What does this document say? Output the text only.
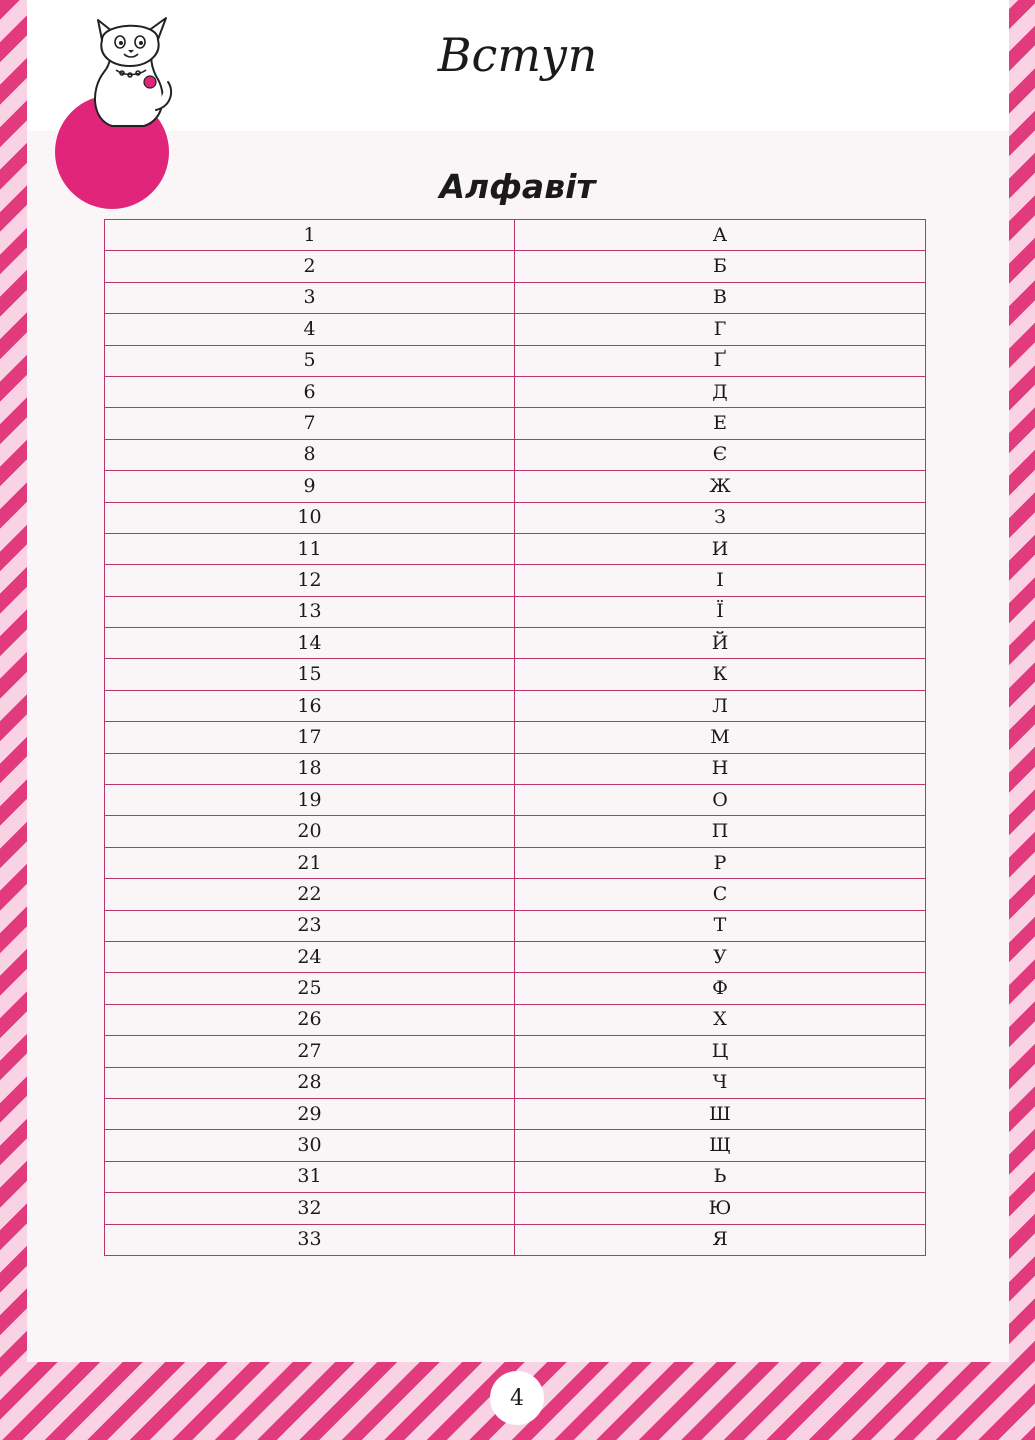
Вступ
Алфавіт
1	А
2	Б
3	В
4	Г
5	Ґ
6	Д
7	Е
8	Є
9	Ж
10	З
11	И
12	І
13	Ї
14	Й
15	К
16	Л
17	М
18	Н
19	О
20	П
21	Р
22	С
23	Т
24	У
25	Ф
26	Х
27	Ц
28	Ч
29	Ш
30	Щ
31	Ь
32	Ю
33	Я
4
